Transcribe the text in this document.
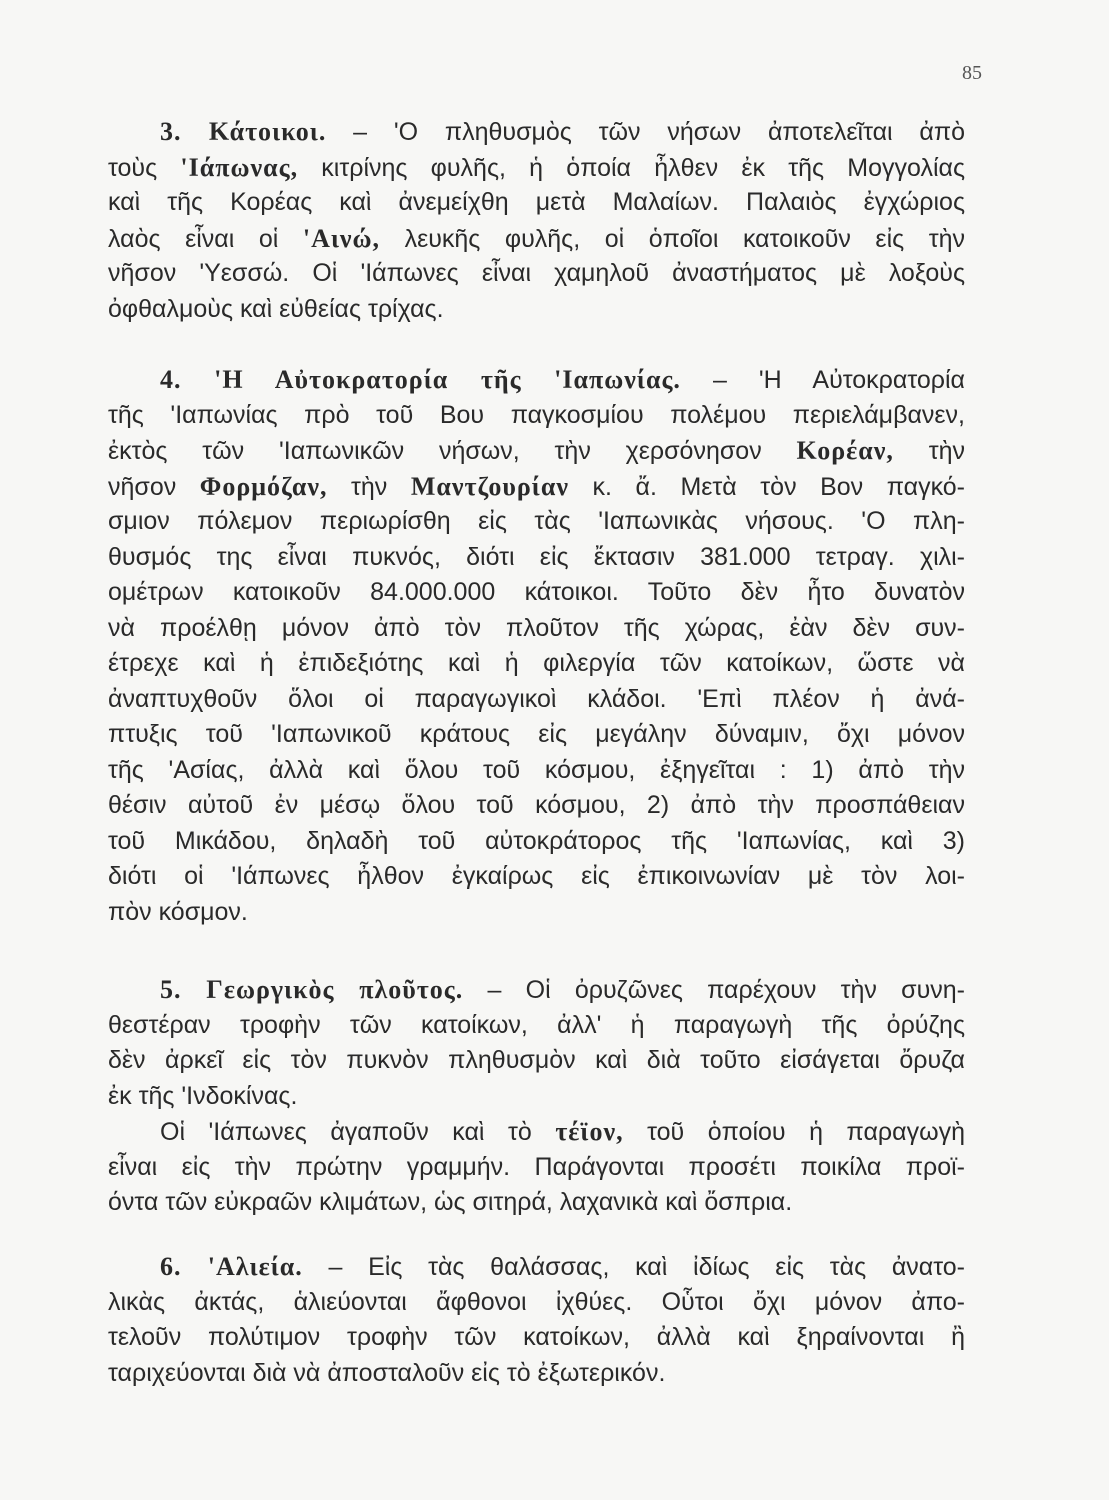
85
3. Κάτοικοι. – 'Ο πληθυσμὸς τῶν νήσων ἀποτελεῖται ἀπὸ
τοὺς 'Ιάπωνας, κιτρίνης φυλῆς, ἡ ὁποία ἦλθεν ἐκ τῆς Μογγολίας
καὶ τῆς Κορέας καὶ ἀνεμείχθη μετὰ Μαλαίων. Παλαιὸς ἐγχώριος
λαὸς εἶναι οἱ 'Αινώ, λευκῆς φυλῆς, οἱ ὁποῖοι κατοικοῦν εἰς τὴν
νῆσον 'Υεσσώ. Οἱ 'Ιάπωνες εἶναι χαμηλοῦ ἀναστήματος μὲ λοξοὺς
ὀφθαλμοὺς καὶ εὐθείας τρίχας.
4. 'Η Αὐτοκρατορία τῆς 'Ιαπωνίας. – 'Η Αὐτοκρατορία
τῆς 'Ιαπωνίας πρὸ τοῦ Βου παγκοσμίου πολέμου περιελάμβανεν,
ἐκτὸς τῶν 'Ιαπωνικῶν νήσων, τὴν χερσόνησον Κορέαν, τὴν
νῆσον Φορμόζαν, τὴν Μαντζουρίαν κ. ἄ. Μετὰ τὸν Βον παγκό-
σμιον πόλεμον περιωρίσθη εἰς τὰς 'Ιαπωνικὰς νήσους. 'Ο πλη-
θυσμός της εἶναι πυκνός, διότι εἰς ἔκτασιν 381.000 τετραγ. χιλι-
ομέτρων κατοικοῦν 84.000.000 κάτοικοι. Τοῦτο δὲν ἦτο δυνατὸν
νὰ προέλθῃ μόνον ἀπὸ τὸν πλοῦτον τῆς χώρας, ἐὰν δὲν συν-
έτρεχε καὶ ἡ ἐπιδεξιότης καὶ ἡ φιλεργία τῶν κατοίκων, ὥστε νὰ
ἀναπτυχθοῦν ὅλοι οἱ παραγωγικοὶ κλάδοι. 'Επὶ πλέον ἡ ἀνά-
πτυξις τοῦ 'Ιαπωνικοῦ κράτους εἰς μεγάλην δύναμιν, ὄχι μόνον
τῆς 'Ασίας, ἀλλὰ καὶ ὅλου τοῦ κόσμου, ἐξηγεῖται : 1) ἀπὸ τὴν
θέσιν αὐτοῦ ἐν μέσῳ ὅλου τοῦ κόσμου, 2) ἀπὸ τὴν προσπάθειαν
τοῦ Μικάδου, δηλαδὴ τοῦ αὐτοκράτορος τῆς 'Ιαπωνίας, καὶ 3)
διότι οἱ 'Ιάπωνες ἦλθον ἐγκαίρως εἰς ἐπικοινωνίαν μὲ τὸν λοι-
πὸν κόσμον.
5. Γεωργικὸς πλοῦτος. – Οἱ ὀρυζῶνες παρέχουν τὴν συνη-
θεστέραν τροφὴν τῶν κατοίκων, ἀλλ' ἡ παραγωγὴ τῆς ὀρύζης
δὲν ἀρκεῖ εἰς τὸν πυκνὸν πληθυσμὸν καὶ διὰ τοῦτο εἰσάγεται ὄρυζα
ἐκ τῆς 'Ινδοκίνας.
Οἱ 'Ιάπωνες ἀγαποῦν καὶ τὸ τέϊον, τοῦ ὁποίου ἡ παραγωγὴ
εἶναι εἰς τὴν πρώτην γραμμήν. Παράγονται προσέτι ποικίλα προϊ-
όντα τῶν εὐκραῶν κλιμάτων, ὡς σιτηρά, λαχανικὰ καὶ ὄσπρια.
6. 'Αλιεία. – Εἰς τὰς θαλάσσας, καὶ ἰδίως εἰς τὰς ἀνατο-
λικὰς ἀκτάς, ἁλιεύονται ἄφθονοι ἰχθύες. Οὗτοι ὄχι μόνον ἀπο-
τελοῦν πολύτιμον τροφὴν τῶν κατοίκων, ἀλλὰ καὶ ξηραίνονται ἢ
ταριχεύονται διὰ νὰ ἀποσταλοῦν εἰς τὸ ἐξωτερικόν.
